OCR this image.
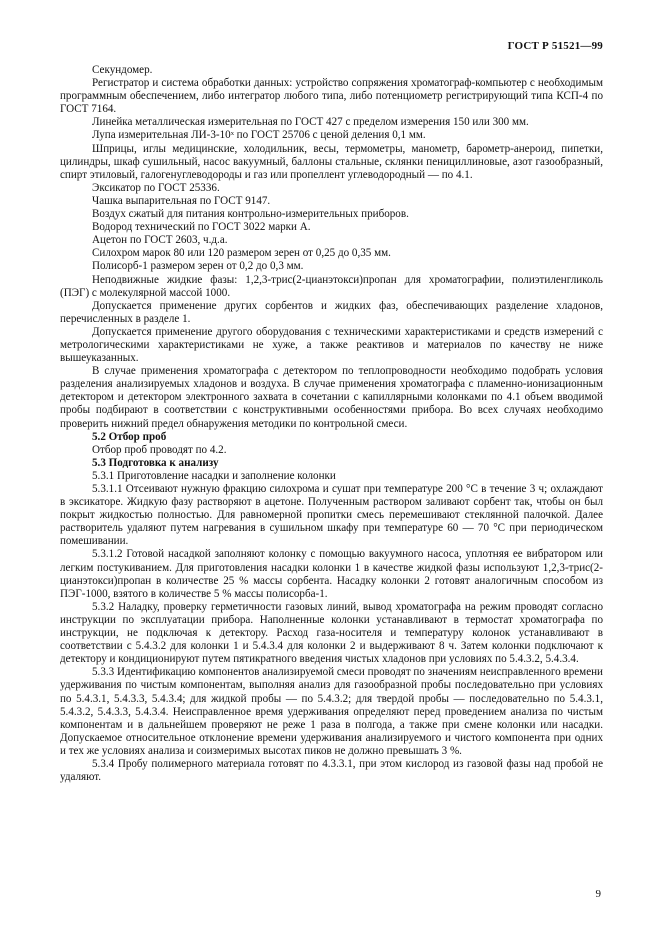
ГОСТ Р 51521—99

Секундомер.

Регистратор и система обработки данных: устройство сопряжения хроматограф-компьютер с необходимым программным обеспечением, либо интегратор любого типа, либо потенциометр регистрирующий типа КСП-4 по ГОСТ 7164.

Линейка металлическая измерительная по ГОСТ 427 с пределом измерения 150 или 300 мм.

Лупа измерительная ЛИ-3-10ˣ по ГОСТ 25706 с ценой деления 0,1 мм.

Шприцы, иглы медицинские, холодильник, весы, термометры, манометр, барометр-анероид, пипетки, цилиндры, шкаф сушильный, насос вакуумный, баллоны стальные, склянки пенициллиновые, азот газообразный, спирт этиловый, галогенуглеводороды и газ или пропеллент углеводородный — по 4.1.

Эксикатор по ГОСТ 25336.

Чашка выпарительная по ГОСТ 9147.

Воздух сжатый для питания контрольно-измерительных приборов.

Водород технический по ГОСТ 3022 марки А.

Ацетон по ГОСТ 2603, ч.д.а.

Силохром марок 80 или 120 размером зерен от 0,25 до 0,35 мм.

Полисорб-1 размером зерен от 0,2 до 0,3 мм.

Неподвижные жидкие фазы: 1,2,3-трис(2-цианэтокси)пропан для хроматографии, полиэтиленгликоль (ПЭГ) с молекулярной массой 1000.

Допускается применение других сорбентов и жидких фаз, обеспечивающих разделение хладонов, перечисленных в разделе 1.

Допускается применение другого оборудования с техническими характеристиками и средств измерений с метрологическими характеристиками не хуже, а также реактивов и материалов по качеству не ниже вышеуказанных.

В случае применения хроматографа с детектором по теплопроводности необходимо подобрать условия разделения анализируемых хладонов и воздуха. В случае применения хроматографа с пламенно-ионизационным детектором и детектором электронного захвата в сочетании с капиллярными колонками по 4.1 объем вводимой пробы подбирают в соответствии с конструктивными особенностями прибора. Во всех случаях необходимо проверить нижний предел обнаружения методики по контрольной смеси.

5.2 Отбор проб

Отбор проб проводят по 4.2.

5.3 Подготовка к анализу
5.3.1 Приготовление насадки и заполнение колонки

5.3.1.1 Отсеивают нужную фракцию силохрома и сушат при температуре 200 °С в течение 3 ч; охлаждают в эксикаторе. Жидкую фазу растворяют в ацетоне. Полученным раствором заливают сорбент так, чтобы он был покрыт жидкостью полностью. Для равномерной пропитки смесь перемешивают стеклянной палочкой. Далее растворитель удаляют путем нагревания в сушильном шкафу при температуре 60 — 70 °С при периодическом помешивании.

5.3.1.2 Готовой насадкой заполняют колонку с помощью вакуумного насоса, уплотняя ее вибратором или легким постукиванием. Для приготовления насадки колонки 1 в качестве жидкой фазы используют 1,2,3-трис(2-цианэтокси)пропан в количестве 25 % массы сорбента. Насадку колонки 2 готовят аналогичным способом из ПЭГ-1000, взятого в количестве 5 % массы полисорба-1.

5.3.2 Наладку, проверку герметичности газовых линий, вывод хроматографа на режим проводят согласно инструкции по эксплуатации прибора. Наполненные колонки устанавливают в термостат хроматографа по инструкции, не подключая к детектору. Расход газа-носителя и температуру колонок устанавливают в соответствии с 5.4.3.2 для колонки 1 и 5.4.3.4 для колонки 2 и выдерживают 8 ч. Затем колонки подключают к детектору и кондиционируют путем пятикратного введения чистых хладонов при условиях по 5.4.3.2, 5.4.3.4.

5.3.3 Идентификацию компонентов анализируемой смеси проводят по значениям неисправленного времени удерживания по чистым компонентам, выполняя анализ для газообразной пробы последовательно при условиях по 5.4.3.1, 5.4.3.3, 5.4.3.4; для жидкой пробы — по 5.4.3.2; для твердой пробы — последовательно по 5.4.3.1, 5.4.3.2, 5.4.3.3, 5.4.3.4. Неисправленное время удерживания определяют перед проведением анализа по чистым компонентам и в дальнейшем проверяют не реже 1 раза в полгода, а также при смене колонки или насадки. Допускаемое относительное отклонение времени удерживания анализируемого и чистого компонента при одних и тех же условиях анализа и соизмеримых высотах пиков не должно превышать 3 %.

5.3.4 Пробу полимерного материала готовят по 4.3.3.1, при этом кислород из газовой фазы над пробой не удаляют.

9
